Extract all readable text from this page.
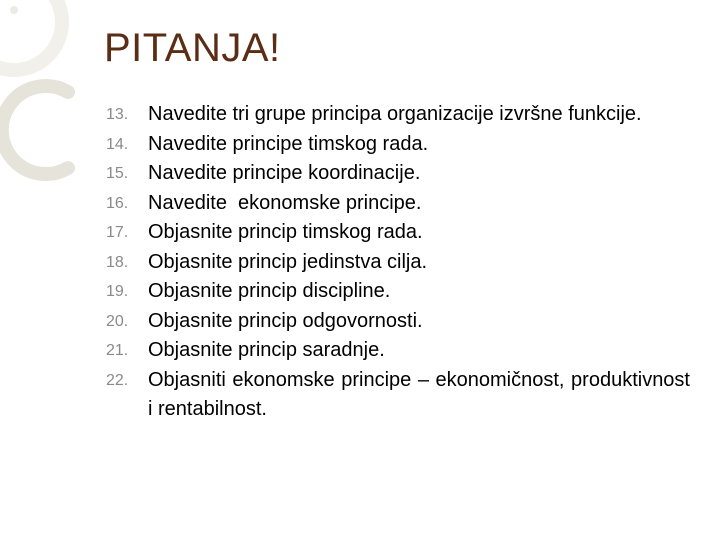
PITANJA!
13. Navedite tri grupe principa organizacije izvršne funkcije.
14. Navedite principe timskog rada.
15. Navedite principe koordinacije.
16. Navedite  ekonomske principe.
17. Objasnite princip timskog rada.
18. Objasnite princip jedinstva cilja.
19. Objasnite princip discipline.
20. Objasnite princip odgovornosti.
21. Objasnite princip saradnje.
22. Objasniti ekonomske principe – ekonomičnost, produktivnost i rentabilnost.
